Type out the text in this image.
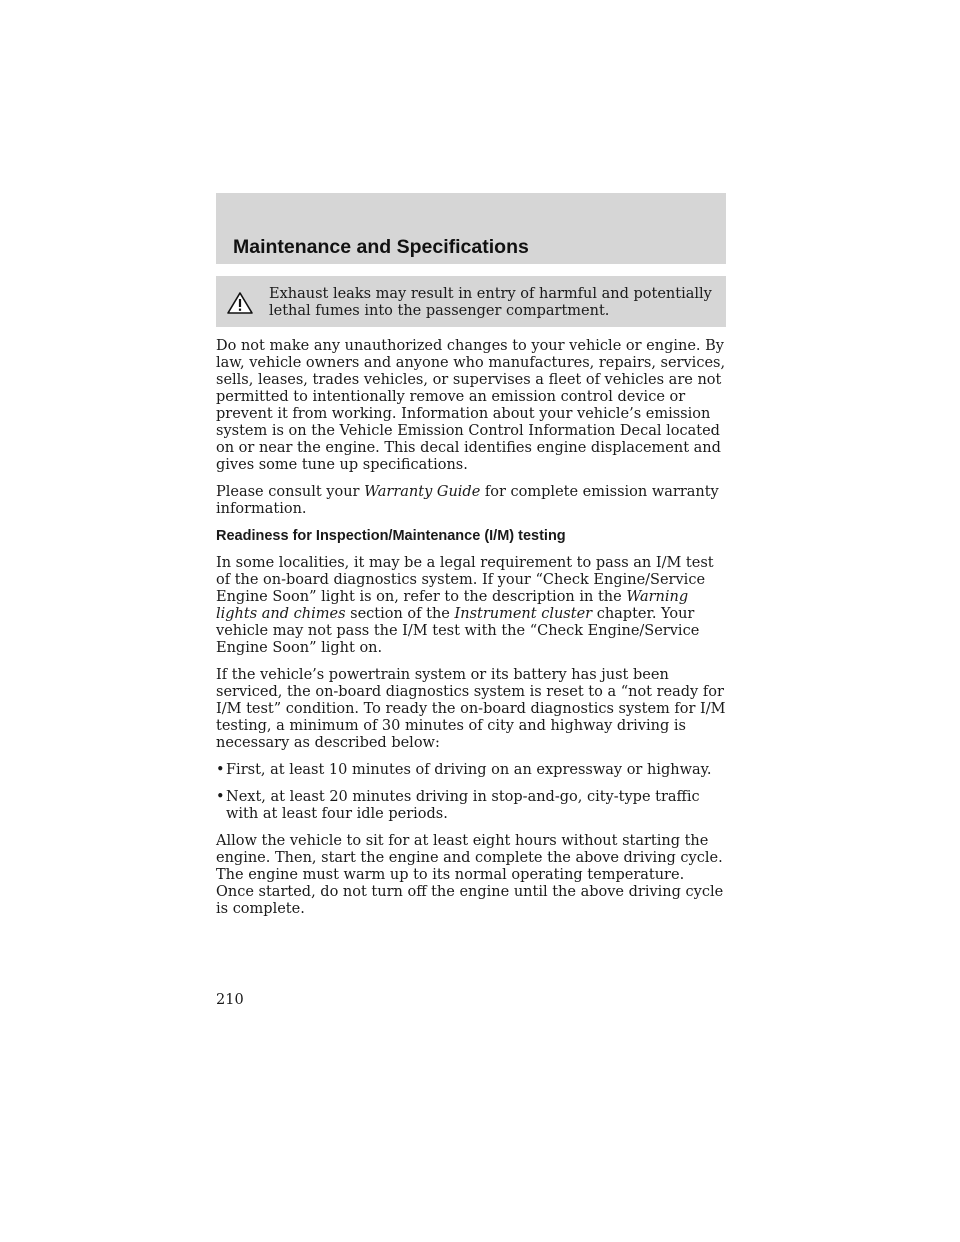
Maintenance and Specifications
Exhaust leaks may result in entry of harmful and potentially lethal fumes into the passenger compartment.

Do not make any unauthorized changes to your vehicle or engine. By law, vehicle owners and anyone who manufactures, repairs, services, sells, leases, trades vehicles, or supervises a fleet of vehicles are not permitted to intentionally remove an emission control device or prevent it from working. Information about your vehicle’s emission system is on the Vehicle Emission Control Information Decal located on or near the engine. This decal identifies engine displacement and gives some tune up specifications.

Please consult your Warranty Guide for complete emission warranty information.

Readiness for Inspection/Maintenance (I/M) testing

In some localities, it may be a legal requirement to pass an I/M test of the on-board diagnostics system. If your “Check Engine/Service Engine Soon” light is on, refer to the description in the Warning lights and chimes section of the Instrument cluster chapter. Your vehicle may not pass the I/M test with the “Check Engine/Service Engine Soon” light on.

If the vehicle’s powertrain system or its battery has just been serviced, the on-board diagnostics system is reset to a “not ready for I/M test” condition. To ready the on-board diagnostics system for I/M testing, a minimum of 30 minutes of city and highway driving is necessary as described below:

• First, at least 10 minutes of driving on an expressway or highway.
• Next, at least 20 minutes driving in stop-and-go, city-type traffic with at least four idle periods.

Allow the vehicle to sit for at least eight hours without starting the engine. Then, start the engine and complete the above driving cycle. The engine must warm up to its normal operating temperature. Once started, do not turn off the engine until the above driving cycle is complete.

210
